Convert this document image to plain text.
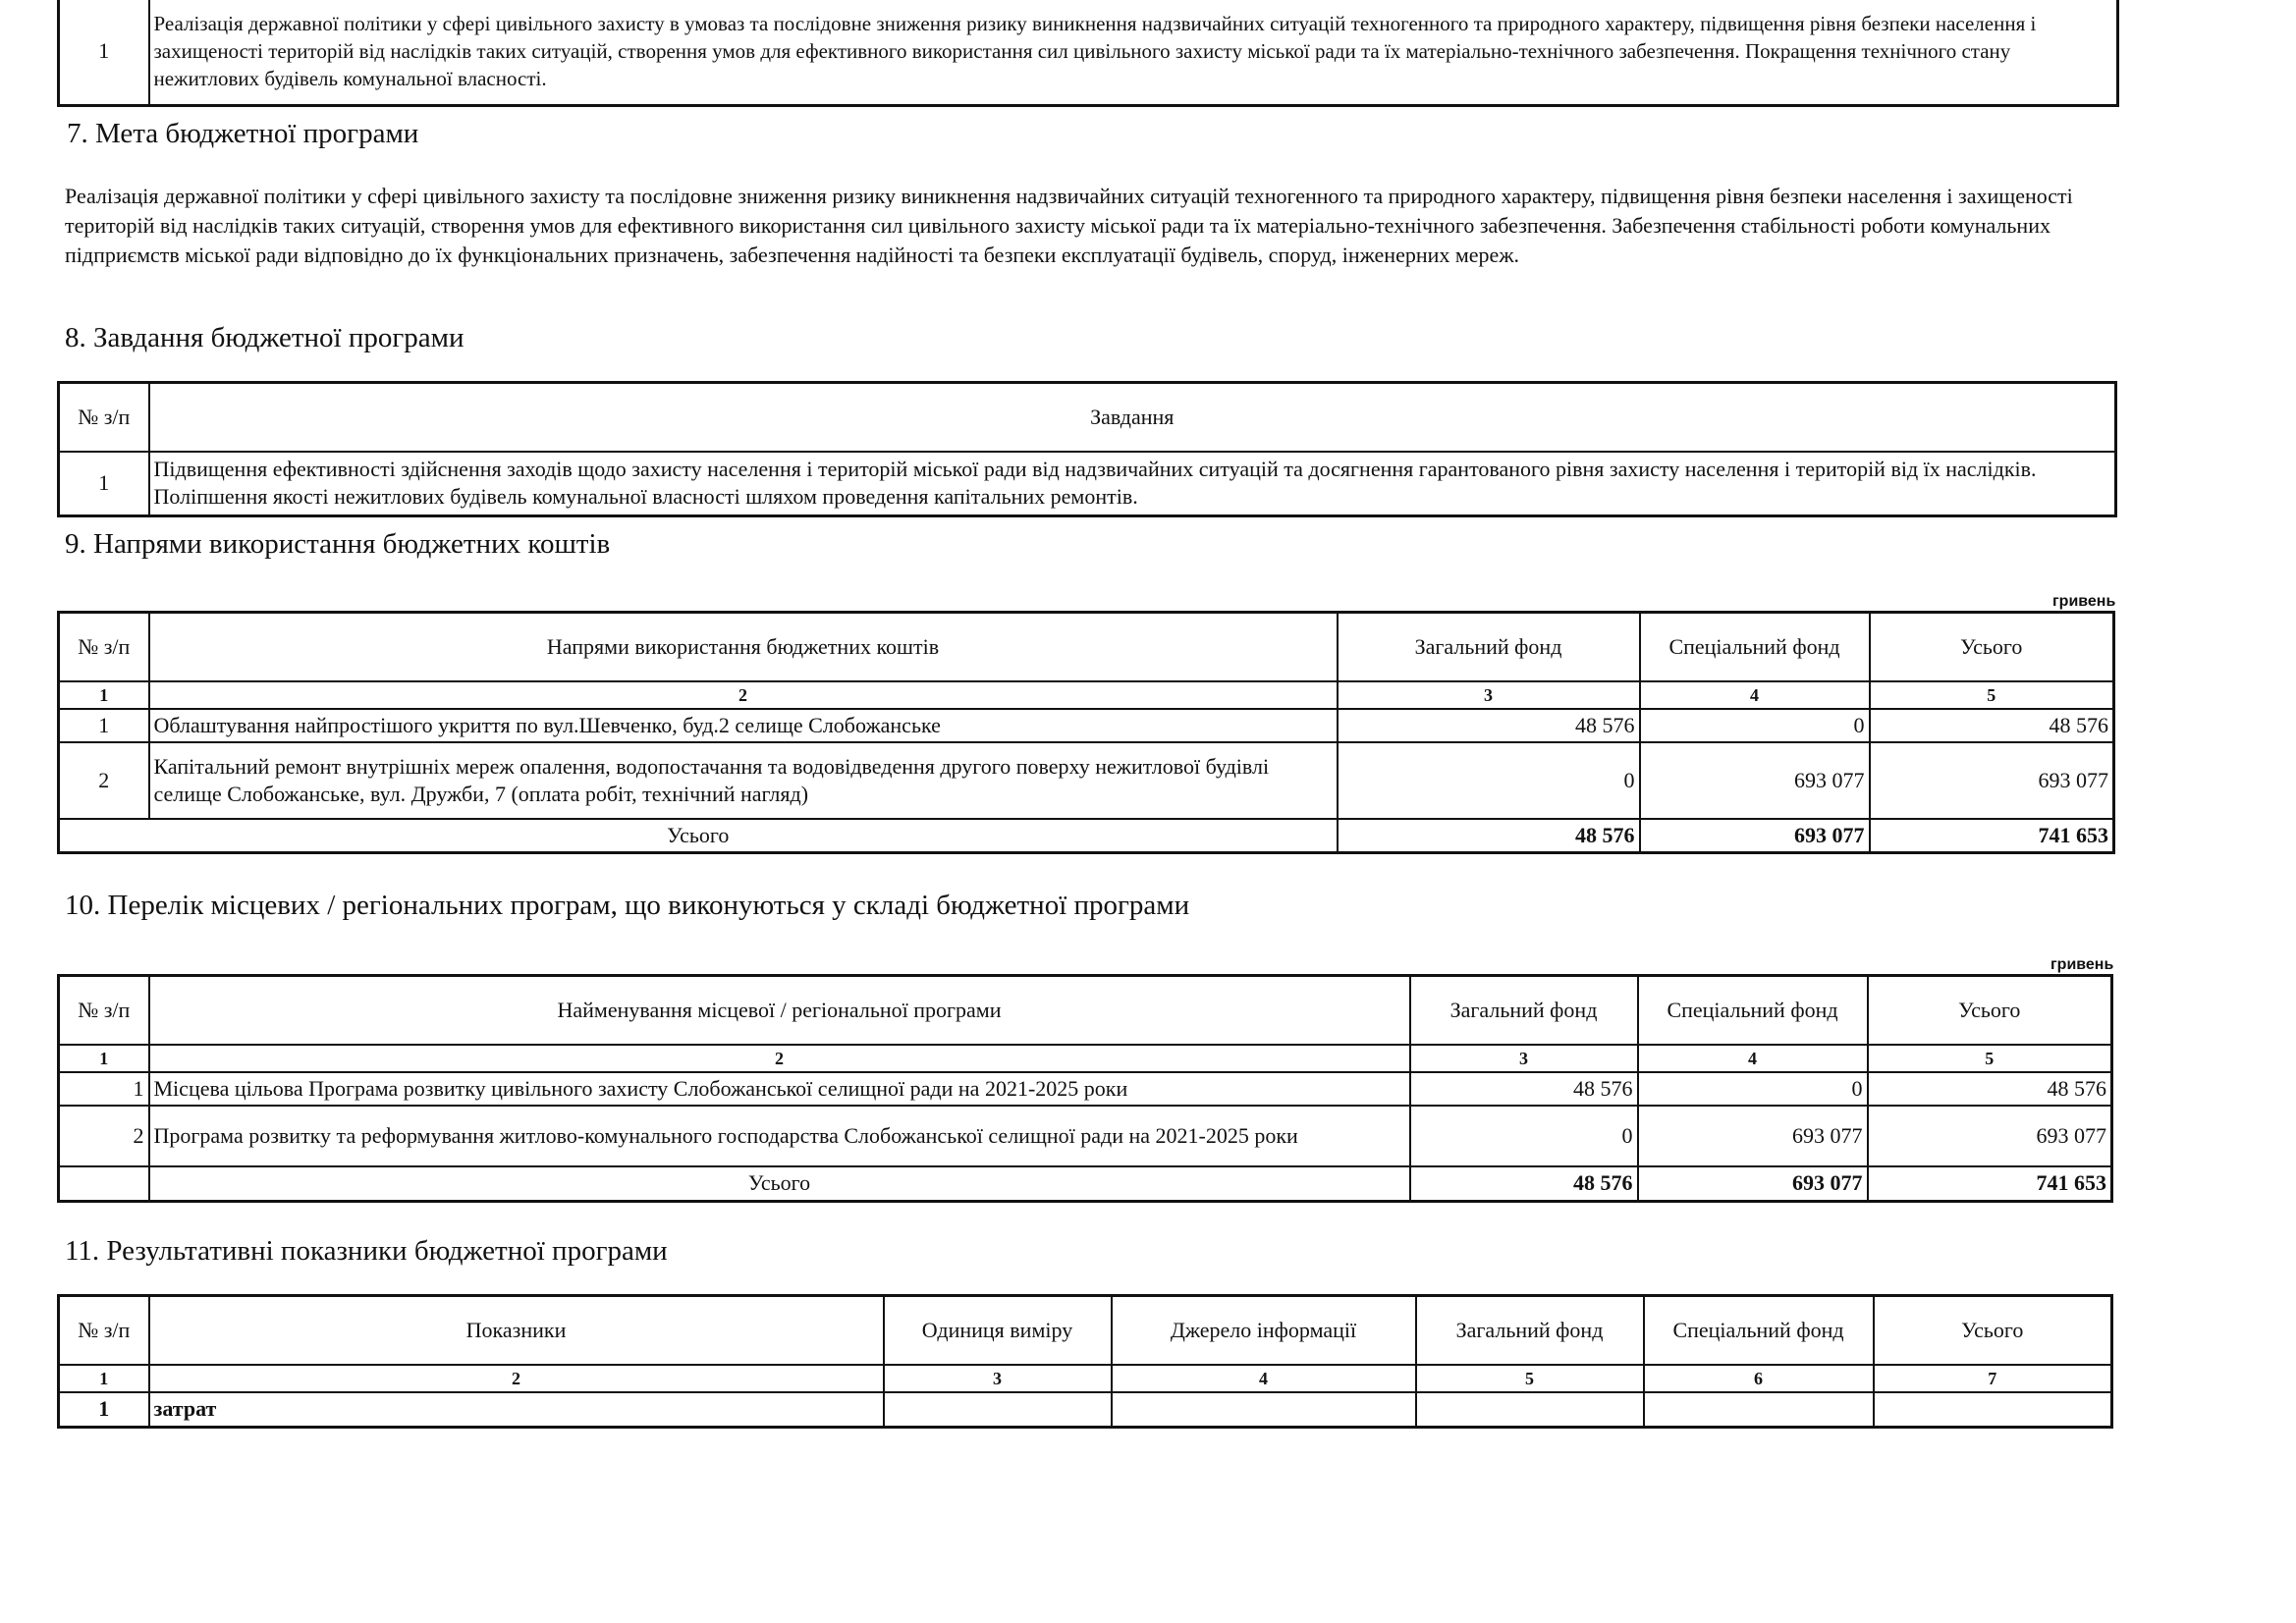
1	Реалізація державної політики у сфері цивільного захисту в умоваз та послідовне зниження ризику виникнення надзвичайних ситуацій техногенного та природного характеру, підвищення рівня безпеки населення і захищеності територій від наслідків таких ситуацій, створення умов для ефективного використання сил цивільного захисту міської ради та їх матеріально-технічного забезпечення. Покращення технічного стану нежитлових будівель комунальної власності.
7. Мета бюджетної програми
Реалізація державної політики у сфері цивільного захисту та послідовне зниження ризику виникнення надзвичайних ситуацій техногенного та природного характеру, підвищення рівня безпеки населення і захищеності територій від наслідків таких ситуацій, створення умов для ефективного використання сил цивільного захисту міської ради та їх матеріально-технічного забезпечення. Забезпечення стабільності роботи комунальних підприємств міської ради відповідно до їх функціональних призначень, забезпечення надійності та безпеки експлуатації будівель, споруд, інженерних мереж.
8. Завдання бюджетної програми
№ з/п	Завдання
1	Підвищення ефективності здійснення заходів щодо захисту населення і територій міської ради від надзвичайних ситуацій та досягнення гарантованого рівня захисту населення і територій від їх наслідків. Поліпшення якості нежитлових будівель комунальної власності шляхом проведення капітальних ремонтів.
9. Напрями використання бюджетних коштів
гривень
№ з/п	Напрями використання бюджетних коштів	Загальний фонд	Спеціальний фонд	Усього
1	2	3	4	5
1	Облаштування найпростішого укриття по вул.Шевченко, буд.2 селище Слобожанське	48 576	0	48 576
2	Капітальний ремонт внутрішніх мереж опалення, водопостачання та водовідведення другого поверху нежитлової будівлі селище Слобожанське, вул. Дружби, 7 (оплата робіт, технічний нагляд)	0	693 077	693 077
Усього		48 576	693 077	741 653
10. Перелік місцевих / регіональних програм, що виконуються у складі бюджетної програми
гривень
№ з/п	Найменування місцевої / регіональної програми	Загальний фонд	Спеціальний фонд	Усього
1	2	3	4	5
1	Місцева цільова Програма розвитку цивільного захисту Слобожанської селищної ради на 2021-2025 роки	48 576	0	48 576
2	Програма розвитку та реформування житлово-комунального господарства Слобожанської селищної ради на 2021-2025 роки	0	693 077	693 077
	Усього	48 576	693 077	741 653
11. Результативні показники бюджетної програми
№ з/п	Показники	Одиниця виміру	Джерело інформації	Загальний фонд	Спеціальний фонд	Усього
1	2	3	4	5	6	7
1	затрат					
